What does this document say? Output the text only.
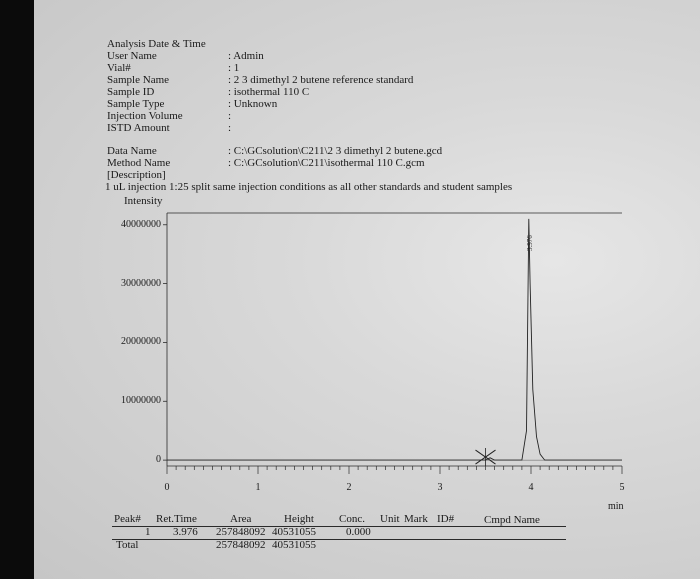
Analysis Date & Time
User Name	: Admin
Vial#	: 1
Sample Name	: 2 3 dimethyl 2 butene reference standard
Sample ID	: isothermal 110 C
Sample Type	: Unknown
Injection Volume	:
ISTD Amount	:
Data Name	: C:\GCsolution\C211\2 3 dimethyl 2 butene.gcd
Method Name	: C:\GCsolution\C211\isothermal 110 C.gcm
[Description]
1 uL injection 1:25 split same injection conditions as all other standards and student samples
Intensity
3.976
0
10000000
20000000
30000000
40000000
0	1	2	3	4	5
min
Peak# Ret.Time	Area	Height Conc. Unit Mark ID#	Cmpd Name
1 3.976 257848092 40531055	0.000
Total	257848092 40531055
